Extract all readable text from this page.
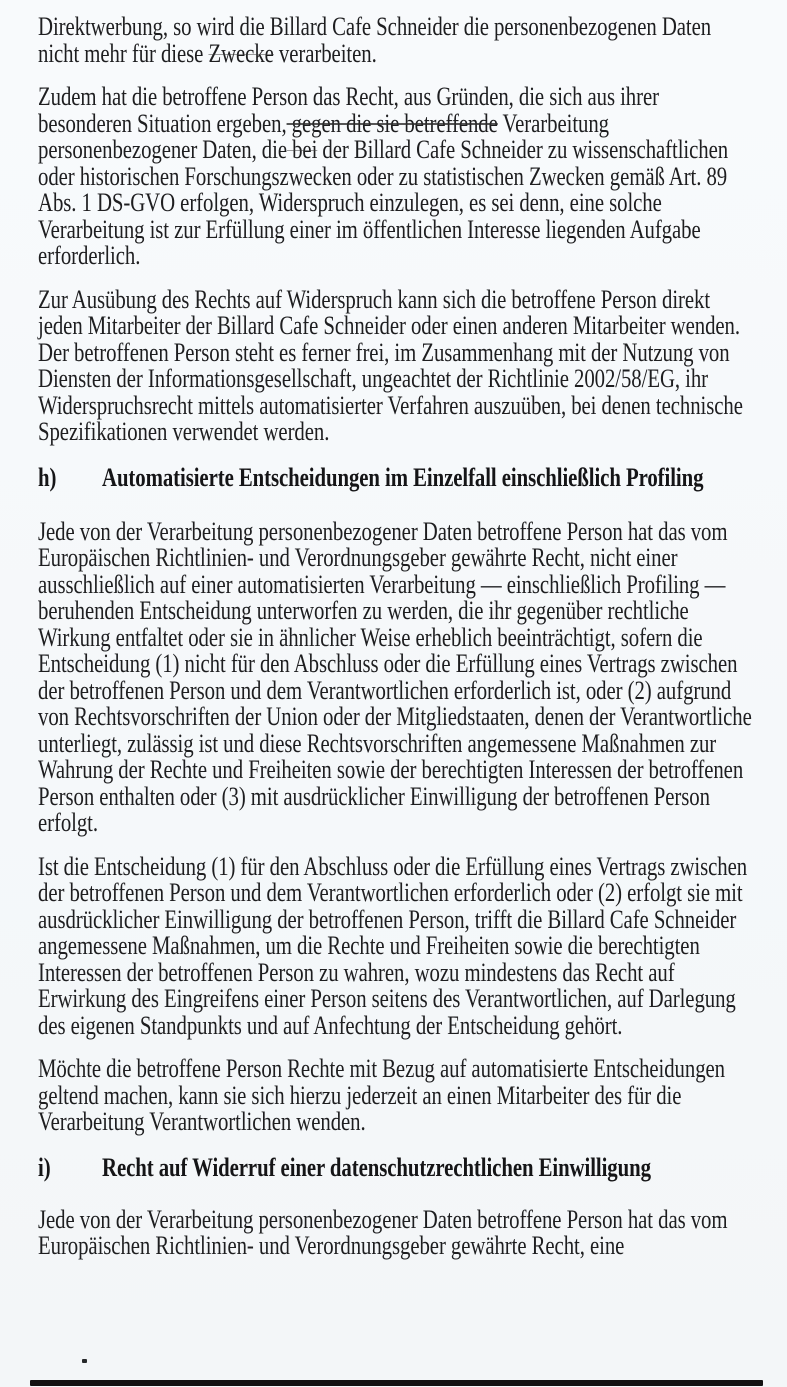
Direktwerbung, so wird die Billard Cafe Schneider die personenbezogenen Daten nicht mehr für diese Zwecke verarbeiten.

Zudem hat die betroffene Person das Recht, aus Gründen, die sich aus ihrer besonderen Situation ergeben, gegen die sie betreffende Verarbeitung personenbezogener Daten, die bei der Billard Cafe Schneider zu wissenschaftlichen oder historischen Forschungszwecken oder zu statistischen Zwecken gemäß Art. 89 Abs. 1 DS-GVO erfolgen, Widerspruch einzulegen, es sei denn, eine solche Verarbeitung ist zur Erfüllung einer im öffentlichen Interesse liegenden Aufgabe erforderlich.

Zur Ausübung des Rechts auf Widerspruch kann sich die betroffene Person direkt jeden Mitarbeiter der Billard Cafe Schneider oder einen anderen Mitarbeiter wenden. Der betroffenen Person steht es ferner frei, im Zusammenhang mit der Nutzung von Diensten der Informationsgesellschaft, ungeachtet der Richtlinie 2002/58/EG, ihr Widerspruchsrecht mittels automatisierter Verfahren auszuüben, bei denen technische Spezifikationen verwendet werden.

h)	Automatisierte Entscheidungen im Einzelfall einschließlich Profiling

Jede von der Verarbeitung personenbezogener Daten betroffene Person hat das vom Europäischen Richtlinien- und Verordnungsgeber gewährte Recht, nicht einer ausschließlich auf einer automatisierten Verarbeitung — einschließlich Profiling — beruhenden Entscheidung unterworfen zu werden, die ihr gegenüber rechtliche Wirkung entfaltet oder sie in ähnlicher Weise erheblich beeinträchtigt, sofern die Entscheidung (1) nicht für den Abschluss oder die Erfüllung eines Vertrags zwischen der betroffenen Person und dem Verantwortlichen erforderlich ist, oder (2) aufgrund von Rechtsvorschriften der Union oder der Mitgliedstaaten, denen der Verantwortliche unterliegt, zulässig ist und diese Rechtsvorschriften angemessene Maßnahmen zur Wahrung der Rechte und Freiheiten sowie der berechtigten Interessen der betroffenen Person enthalten oder (3) mit ausdrücklicher Einwilligung der betroffenen Person erfolgt.

Ist die Entscheidung (1) für den Abschluss oder die Erfüllung eines Vertrags zwischen der betroffenen Person und dem Verantwortlichen erforderlich oder (2) erfolgt sie mit ausdrücklicher Einwilligung der betroffenen Person, trifft die Billard Cafe Schneider angemessene Maßnahmen, um die Rechte und Freiheiten sowie die berechtigten Interessen der betroffenen Person zu wahren, wozu mindestens das Recht auf Erwirkung des Eingreifens einer Person seitens des Verantwortlichen, auf Darlegung des eigenen Standpunkts und auf Anfechtung der Entscheidung gehört.

Möchte die betroffene Person Rechte mit Bezug auf automatisierte Entscheidungen geltend machen, kann sie sich hierzu jederzeit an einen Mitarbeiter des für die Verarbeitung Verantwortlichen wenden.

i)	Recht auf Widerruf einer datenschutzrechtlichen Einwilligung

Jede von der Verarbeitung personenbezogener Daten betroffene Person hat das vom Europäischen Richtlinien- und Verordnungsgeber gewährte Recht, eine
